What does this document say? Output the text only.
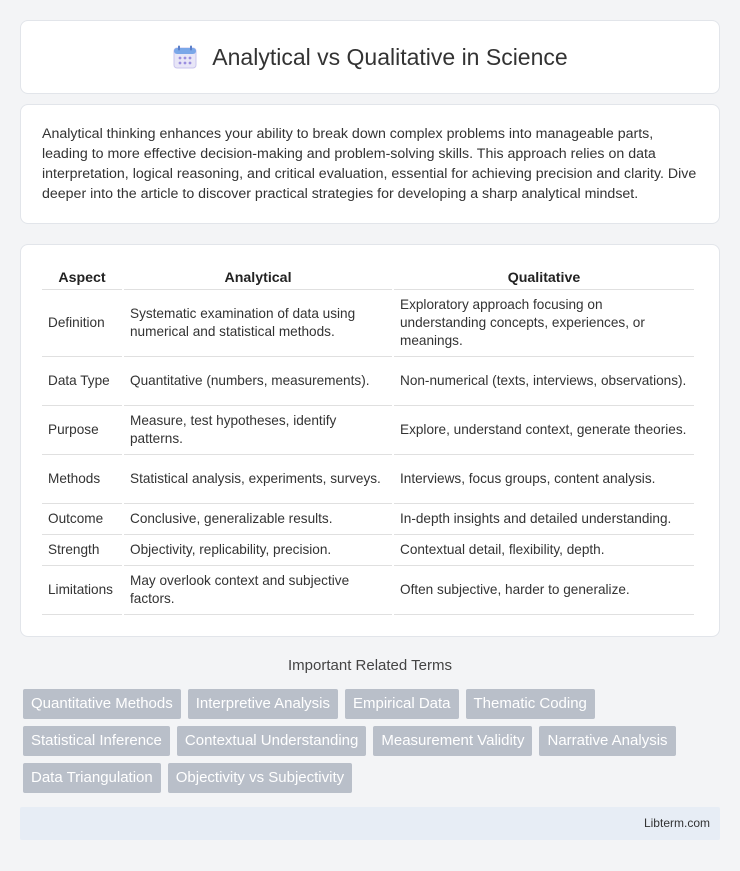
Analytical vs Qualitative in Science

Analytical thinking enhances your ability to break down complex problems into manageable parts, leading to more effective decision-making and problem-solving skills. This approach relies on data interpretation, logical reasoning, and critical evaluation, essential for achieving precision and clarity. Dive deeper into the article to discover practical strategies for developing a sharp analytical mindset.

Aspect	Analytical	Qualitative
Definition	Systematic examination of data using numerical and statistical methods.	Exploratory approach focusing on understanding concepts, experiences, or meanings.
Data Type	Quantitative (numbers, measurements).	Non-numerical (texts, interviews, observations).
Purpose	Measure, test hypotheses, identify patterns.	Explore, understand context, generate theories.
Methods	Statistical analysis, experiments, surveys.	Interviews, focus groups, content analysis.
Outcome	Conclusive, generalizable results.	In-depth insights and detailed understanding.
Strength	Objectivity, replicability, precision.	Contextual detail, flexibility, depth.
Limitations	May overlook context and subjective factors.	Often subjective, harder to generalize.
Important Related Terms
Quantitative Methods	Interpretive Analysis	Empirical Data	Thematic Coding
Statistical Inference	Contextual Understanding	Measurement Validity	Narrative Analysis
Data Triangulation	Objectivity vs Subjectivity
Libterm.com
